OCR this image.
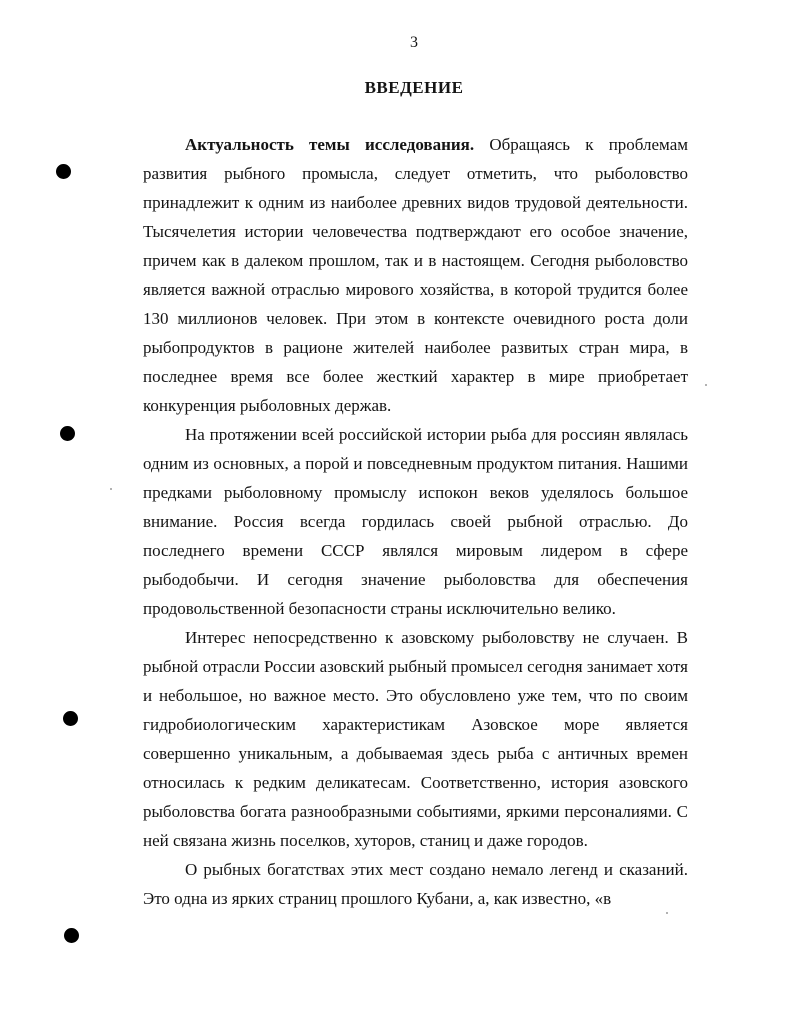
3
ВВЕДЕНИЕ

Актуальность темы исследования. Обращаясь к проблемам развития рыбного промысла, следует отметить, что рыболовство принадлежит к одним из наиболее древних видов трудовой деятельности. Тысячелетия истории человечества подтверждают его особое значение, причем как в далеком прошлом, так и в настоящем. Сегодня рыболовство является важной отраслью мирового хозяйства, в которой трудится более 130 миллионов человек. При этом в контексте очевидного роста доли рыбопродуктов в рационе жителей наиболее развитых стран мира, в последнее время все более жесткий характер в мире приобретает конкуренция рыболовных держав.

На протяжении всей российской истории рыба для россиян являлась одним из основных, а порой и повседневным продуктом питания. Нашими предками рыболовному промыслу испокон веков уделялось большое внимание. Россия всегда гордилась своей рыбной отраслью. До последнего времени СССР являлся мировым лидером в сфере рыбодобычи. И сегодня значение рыболовства для обеспечения продовольственной безопасности страны исключительно велико.

Интерес непосредственно к азовскому рыболовству не случаен. В рыбной отрасли России азовский рыбный промысел сегодня занимает хотя и небольшое, но важное место. Это обусловлено уже тем, что по своим гидробиологическим характеристикам Азовское море является совершенно уникальным, а добываемая здесь рыба с античных времен относилась к редким деликатесам. Соответственно, история азовского рыболовства богата разнообразными событиями, яркими персоналиями. С ней связана жизнь поселков, хуторов, станиц и даже городов.

О рыбных богатствах этих мест создано немало легенд и сказаний. Это одна из ярких страниц прошлого Кубани, а, как известно, «в
